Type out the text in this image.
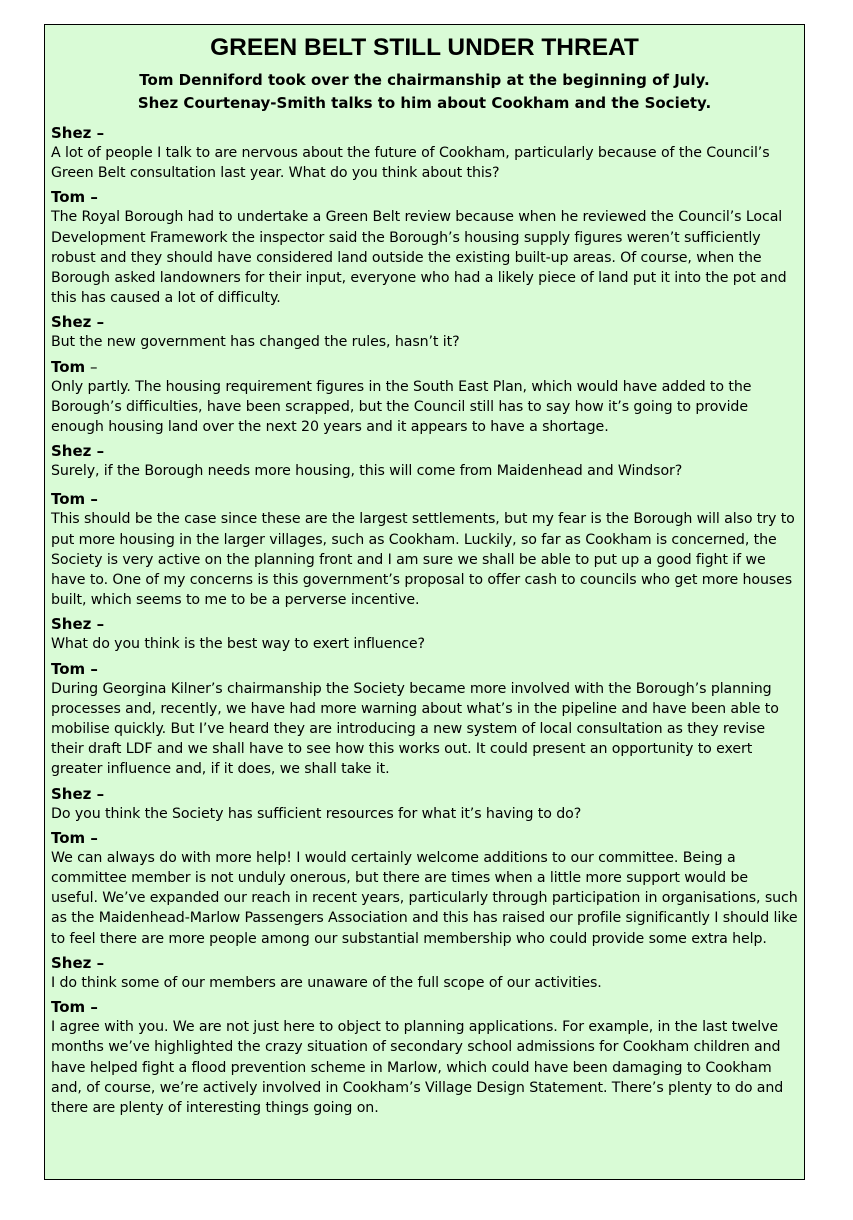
GREEN BELT STILL UNDER THREAT
Tom Denniford took over the chairmanship at the beginning of July.
Shez Courtenay-Smith talks to him about Cookham and the Society.
Shez –
A lot of people I talk to are nervous about the future of Cookham, particularly because of the Council’s Green Belt consultation last year. What do you think about this?
Tom –
The Royal Borough had to undertake a Green Belt review because when he reviewed the Council’s Local Development Framework the inspector said the Borough’s housing supply figures weren’t sufficiently robust and they should have considered land outside the existing built-up areas. Of course, when the Borough asked landowners for their input, everyone who had a likely piece of land put it into the pot and this has caused a lot of difficulty.
Shez –
But the new government has changed the rules, hasn’t it?
Tom –
Only partly. The housing requirement figures in the South East Plan, which would have added to the Borough’s difficulties, have been scrapped, but the Council still has to say how it’s going to provide enough housing land over the next 20 years and it appears to have a shortage.
Shez –
Surely, if the Borough needs more housing, this will come from Maidenhead and Windsor?
Tom –
This should be the case since these are the largest settlements, but my fear is the Borough will also try to put more housing in the larger villages, such as Cookham. Luckily, so far as Cookham is concerned, the Society is very active on the planning front and I am sure we shall be able to put up a good fight if we have to. One of my concerns is this government’s proposal to offer cash to councils who get more houses built, which seems to me to be a perverse incentive.
Shez –
What do you think is the best way to exert influence?
Tom –
During Georgina Kilner’s chairmanship the Society became more involved with the Borough’s planning processes and, recently, we have had more warning about what’s in the pipeline and have been able to mobilise quickly. But I’ve heard they are introducing a new system of local consultation as they revise their draft LDF and we shall have to see how this works out. It could present an opportunity to exert greater influence and, if it does, we shall take it.
Shez –
Do you think the Society has sufficient resources for what it’s having to do?
Tom –
We can always do with more help! I would certainly welcome additions to our committee. Being a committee member is not unduly onerous, but there are times when a little more support would be useful. We’ve expanded our reach in recent years, particularly through participation in organisations, such as the Maidenhead-Marlow Passengers Association and this has raised our profile significantly I should like to feel there are more people among our substantial membership who could provide some extra help.
Shez –
I do think some of our members are unaware of the full scope of our activities.
Tom –
I agree with you. We are not just here to object to planning applications. For example, in the last twelve months we’ve highlighted the crazy situation of secondary school admissions for Cookham children and have helped fight a flood prevention scheme in Marlow, which could have been damaging to Cookham and, of course, we’re actively involved in Cookham’s Village Design Statement. There’s plenty to do and there are plenty of interesting things going on.
